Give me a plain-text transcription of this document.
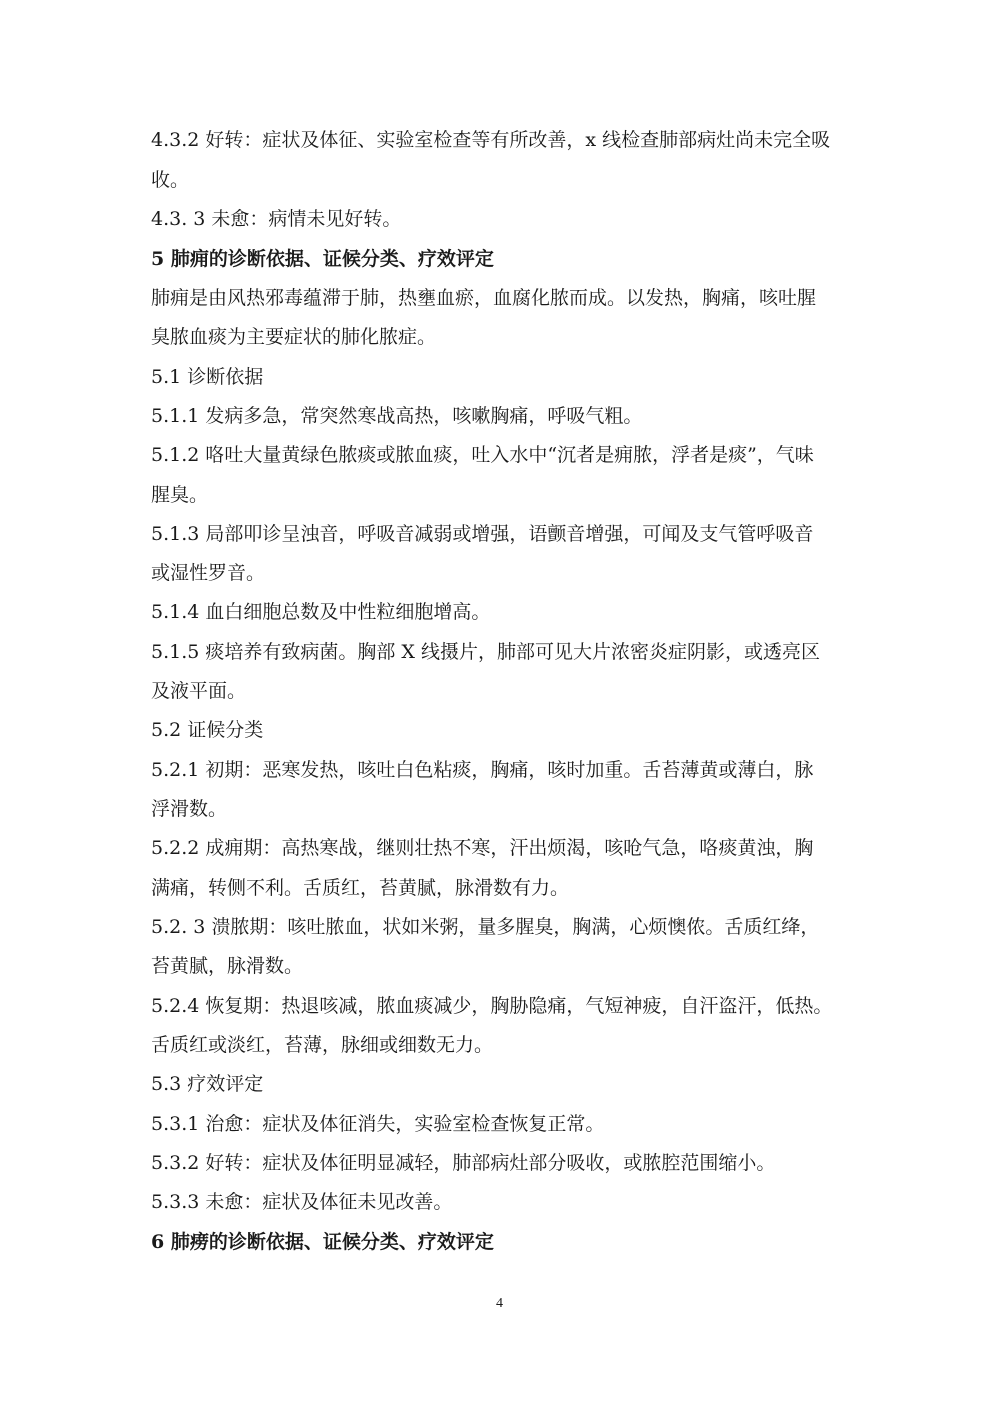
4.3.2 好转：症状及体征、实验室检查等有所改善，x 线检查肺部病灶尚未完全吸
收。
4.3. 3 未愈：病情未见好转。
5 肺痈的诊断依据、证候分类、疗效评定
肺痈是由风热邪毒蕴滞于肺，热壅血瘀，血腐化脓而成。以发热，胸痛，咳吐腥
臭脓血痰为主要症状的肺化脓症。
5.1 诊断依据
5.1.1 发病多急，常突然寒战高热，咳嗽胸痛，呼吸气粗。
5.1.2 咯吐大量黄绿色脓痰或脓血痰，吐入水中“沉者是痈脓，浮者是痰”，气味
腥臭。
5.1.3 局部叩诊呈浊音，呼吸音减弱或增强，语颤音增强，可闻及支气管呼吸音
或湿性罗音。
5.1.4 血白细胞总数及中性粒细胞增高。
5.1.5 痰培养有致病菌。胸部 X 线摄片，肺部可见大片浓密炎症阴影，或透亮区
及液平面。
5.2 证候分类
5.2.1 初期：恶寒发热，咳吐白色粘痰，胸痛，咳时加重。舌苔薄黄或薄白，脉
浮滑数。
5.2.2 成痈期：高热寒战，继则壮热不寒，汗出烦渴，咳呛气急，咯痰黄浊，胸
满痛，转侧不利。舌质红，苔黄腻，脉滑数有力。
5.2. 3 溃脓期：咳吐脓血，状如米粥，量多腥臭，胸满，心烦懊侬。舌质红绛，
苔黄腻，脉滑数。
5.2.4 恢复期：热退咳减，脓血痰减少，胸胁隐痛，气短神疲，自汗盗汗，低热。
舌质红或淡红，苔薄，脉细或细数无力。
5.3 疗效评定
5.3.1 治愈：症状及体征消失，实验室检查恢复正常。
5.3.2 好转：症状及体征明显减轻，肺部病灶部分吸收，或脓腔范围缩小。
5.3.3 未愈：症状及体征未见改善。
6 肺痨的诊断依据、证候分类、疗效评定
4
